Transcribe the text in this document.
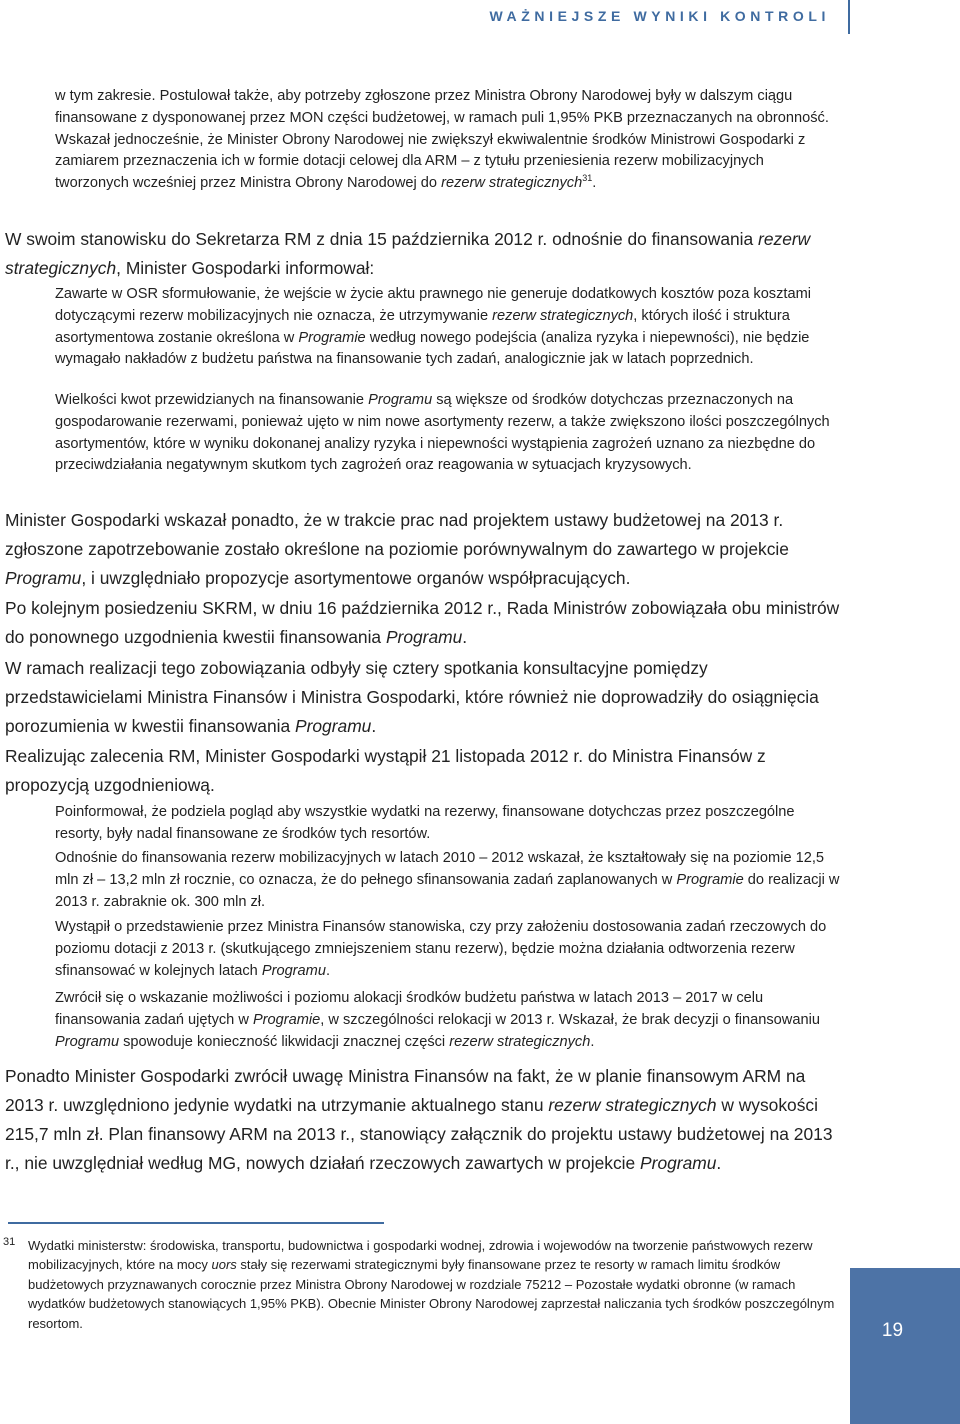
WAŻNIEJSZE WYNIKI KONTROLI

w tym zakresie. Postulował także, aby potrzeby zgłoszone przez Ministra Obrony Narodowej były w dalszym ciągu finansowane z dysponowanej przez MON części budżetowej, w ramach puli 1,95% PKB przeznaczanych na obronność. Wskazał jednocześnie, że Minister Obrony Narodowej nie zwiększył ekwiwalentnie środków Ministrowi Gospodarki z zamiarem przeznaczenia ich w formie dotacji celowej dla ARM – z tytułu przeniesienia rezerw mobilizacyjnych tworzonych wcześniej przez Ministra Obrony Narodowej do rezerw strategicznych$^{31}$.

W swoim stanowisku do Sekretarza RM z dnia 15 października 2012 r. odnośnie do finansowania rezerw strategicznych, Minister Gospodarki informował:

Zawarte w OSR sformułowanie, że wejście w życie aktu prawnego nie generuje dodatkowych kosztów poza kosztami dotyczącymi rezerw mobilizacyjnych nie oznacza, że utrzymywanie rezerw strategicznych, których ilość i struktura asortymentowa zostanie określona w Programie według nowego podejścia (analiza ryzyka i niepewności), nie będzie wymagało nakładów z budżetu państwa na finansowanie tych zadań, analogicznie jak w latach poprzednich.

Wielkości kwot przewidzianych na finansowanie Programu są większe od środków dotychczas przeznaczonych na gospodarowanie rezerwami, ponieważ ujęto w nim nowe asortymenty rezerw, a także zwiększono ilości poszczególnych asortymentów, które w wyniku dokonanej analizy ryzyka i niepewności wystąpienia zagrożeń uznano za niezbędne do przeciwdziałania negatywnym skutkom tych zagrożeń oraz reagowania w sytuacjach kryzysowych.

Minister Gospodarki wskazał ponadto, że w trakcie prac nad projektem ustawy budżetowej na 2013 r. zgłoszone zapotrzebowanie zostało określone na poziomie porównywalnym do zawartego w projekcie Programu, i uwzględniało propozycje asortymentowe organów współpracujących.

Po kolejnym posiedzeniu SKRM, w dniu 16 października 2012 r., Rada Ministrów zobowiązała obu ministrów do ponownego uzgodnienia kwestii finansowania Programu.

W ramach realizacji tego zobowiązania odbyły się cztery spotkania konsultacyjne pomiędzy przedstawicielami Ministra Finansów i Ministra Gospodarki, które również nie doprowadziły do osiągnięcia porozumienia w kwestii finansowania Programu.

Realizując zalecenia RM, Minister Gospodarki wystąpił 21 listopada 2012 r. do Ministra Finansów z propozycją uzgodnieniową.

Poinformował, że podziela pogląd aby wszystkie wydatki na rezerwy, finansowane dotychczas przez poszczególne resorty, były nadal finansowane ze środków tych resortów.

Odnośnie do finansowania rezerw mobilizacyjnych w latach 2010 – 2012 wskazał, że kształtowały się na poziomie 12,5 mln zł – 13,2 mln zł rocznie, co oznacza, że do pełnego sfinansowania zadań zaplanowanych w Programie do realizacji w 2013 r. zabraknie ok. 300 mln zł.

Wystąpił o przedstawienie przez Ministra Finansów stanowiska, czy przy założeniu dostosowania zadań rzeczowych do poziomu dotacji z 2013 r. (skutkującego zmniejszeniem stanu rezerw), będzie można działania odtworzenia rezerw sfinansować w kolejnych latach Programu.

Zwrócił się o wskazanie możliwości i poziomu alokacji środków budżetu państwa w latach 2013 – 2017 w celu finansowania zadań ujętych w Programie, w szczególności relokacji w 2013 r. Wskazał, że brak decyzji o finansowaniu Programu spowoduje konieczność likwidacji znacznej części rezerw strategicznych.

Ponadto Minister Gospodarki zwrócił uwagę Ministra Finansów na fakt, że w planie finansowym ARM na 2013 r. uwzględniono jedynie wydatki na utrzymanie aktualnego stanu rezerw strategicznych w wysokości 215,7 mln zł. Plan finansowy ARM na 2013 r., stanowiący załącznik do projektu ustawy budżetowej na 2013 r., nie uwzględniał według MG, nowych działań rzeczowych zawartych w projekcie Programu.

31 Wydatki ministerstw: środowiska, transportu, budownictwa i gospodarki wodnej, zdrowia i wojewodów na tworzenie państwowych rezerw mobilizacyjnych, które na mocy uors stały się rezerwami strategicznymi były finansowane przez te resorty w ramach limitu środków budżetowych przyznawanych corocznie przez Ministra Obrony Narodowej w rozdziale 75212 – Pozostałe wydatki obronne (w ramach wydatków budżetowych stanowiących 1,95% PKB). Obecnie Minister Obrony Narodowej zaprzestał naliczania tych środków poszczególnym resortom.	19
